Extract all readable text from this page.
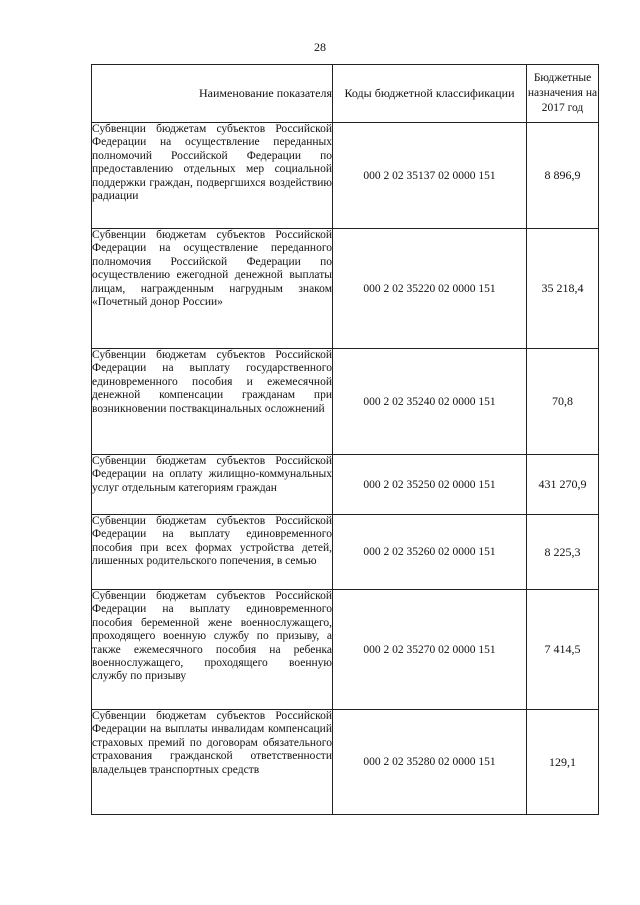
28
Наименование показателя	Коды бюджетной классификации	Бюджетные назначения на 2017 год
Субвенции бюджетам субъектов Российской Федерации на осуществление переданных полномочий Российской Федерации по предоставлению отдельных мер социальной поддержки граждан, подвергшихся воздействию радиации	000 2 02 35137 02 0000 151	8 896,9
Субвенции бюджетам субъектов Российской Федерации на осуществление переданного полномочия Российской Федерации по осуществлению ежегодной денежной выплаты лицам, награжденным нагрудным знаком «Почетный донор России»	000 2 02 35220 02 0000 151	35 218,4
Субвенции бюджетам субъектов Российской Федерации на выплату государственного единовременного пособия и ежемесячной денежной компенсации гражданам при возникновении поствакцинальных осложнений	000 2 02 35240 02 0000 151	70,8
Субвенции бюджетам субъектов Российской Федерации на оплату жилищно-коммунальных услуг отдельным категориям граждан	000 2 02 35250 02 0000 151	431 270,9
Субвенции бюджетам субъектов Российской Федерации на выплату единовременного пособия при всех формах устройства детей, лишенных родительского попечения, в семью	000 2 02 35260 02 0000 151	8 225,3
Субвенции бюджетам субъектов Российской Федерации на выплату единовременного пособия беременной жене военнослужащего, проходящего военную службу по призыву, а также ежемесячного пособия на ребенка военнослужащего, проходящего военную службу по призыву	000 2 02 35270 02 0000 151	7 414,5
Субвенции бюджетам субъектов Российской Федерации на выплаты инвалидам компенсаций страховых премий по договорам обязательного страхования гражданской ответственности владельцев транспортных средств	000 2 02 35280 02 0000 151	129,1
